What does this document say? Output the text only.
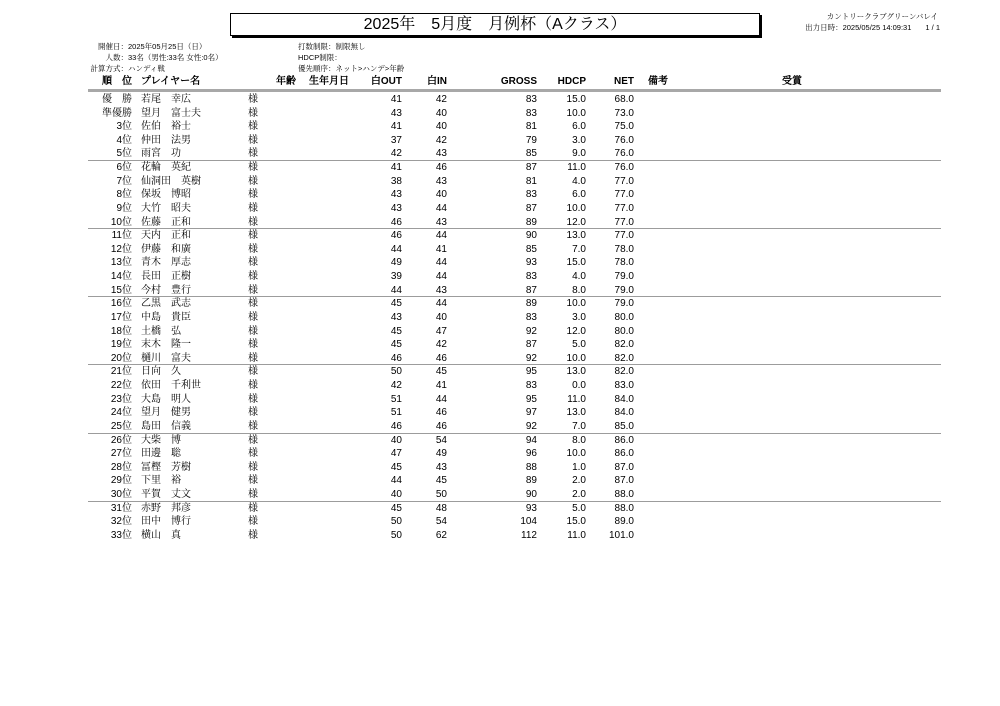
2025年　5月度　月例杯（Aクラス）	カントリークラブグリーンバレイ
出力日時：2025/05/25 14:09:31 1 / 1
開催日：2025年05月25日（日）
人数：33名（男性:33名 女性:0名）
計算方式：ハンディ戦
打数制限：制限無し
HDCP制限：
優先順序：ネット>ハンデ>年齢
順　位 プレイヤー名	年齢 生年月日 白OUT	白IN	GROSS	HDCP	NET 備考	受賞
優　勝 若尾　幸広	様	41	42	83	15.0	68.0
準優勝 望月　富士夫	様	43	40	83	10.0	73.0
3位 佐伯　裕士	様	41	40	81	6.0	75.0
4位 仲田　法男	様	37	42	79	3.0	76.0
5位 雨宮　功	様	42	43	85	9.0	76.0
6位 花輪　英紀	様	41	46	87	11.0	76.0
7位 仙洞田　英樹	様	38	43	81	4.0	77.0
8位 保坂　博昭	様	43	40	83	6.0	77.0
9位 大竹　昭夫	様	43	44	87	10.0	77.0
10位 佐藤　正和	様	46	43	89	12.0	77.0
11位 天内　正和	様	46	44	90	13.0	77.0
12位 伊藤　和廣	様	44	41	85	7.0	78.0
13位 青木　厚志	様	49	44	93	15.0	78.0
14位 長田　正樹	様	39	44	83	4.0	79.0
15位 今村　豊行	様	44	43	87	8.0	79.0
16位 乙黒　武志	様	45	44	89	10.0	79.0
17位 中島　貴臣	様	43	40	83	3.0	80.0
18位 土橋　弘	様	45	47	92	12.0	80.0
19位 末木　隆一	様	45	42	87	5.0	82.0
20位 樋川　富夫	様	46	46	92	10.0	82.0
21位 日向　久	様	50	45	95	13.0	82.0
22位 依田　千利世	様	42	41	83	0.0	83.0
23位 大島　明人	様	51	44	95	11.0	84.0
24位 望月　健男	様	51	46	97	13.0	84.0
25位 島田　信義	様	46	46	92	7.0	85.0
26位 大柴　博	様	40	54	94	8.0	86.0
27位 田邊　聡	様	47	49	96	10.0	86.0
28位 冨樫　芳樹	様	45	43	88	1.0	87.0
29位 下里　裕	様	44	45	89	2.0	87.0
30位 平賀　丈文	様	40	50	90	2.0	88.0
31位 赤野　邦彦	様	45	48	93	5.0	88.0
32位 田中　博行	様	50	54	104	15.0	89.0
33位 横山　真	様	50	62	112	11.0	101.0
